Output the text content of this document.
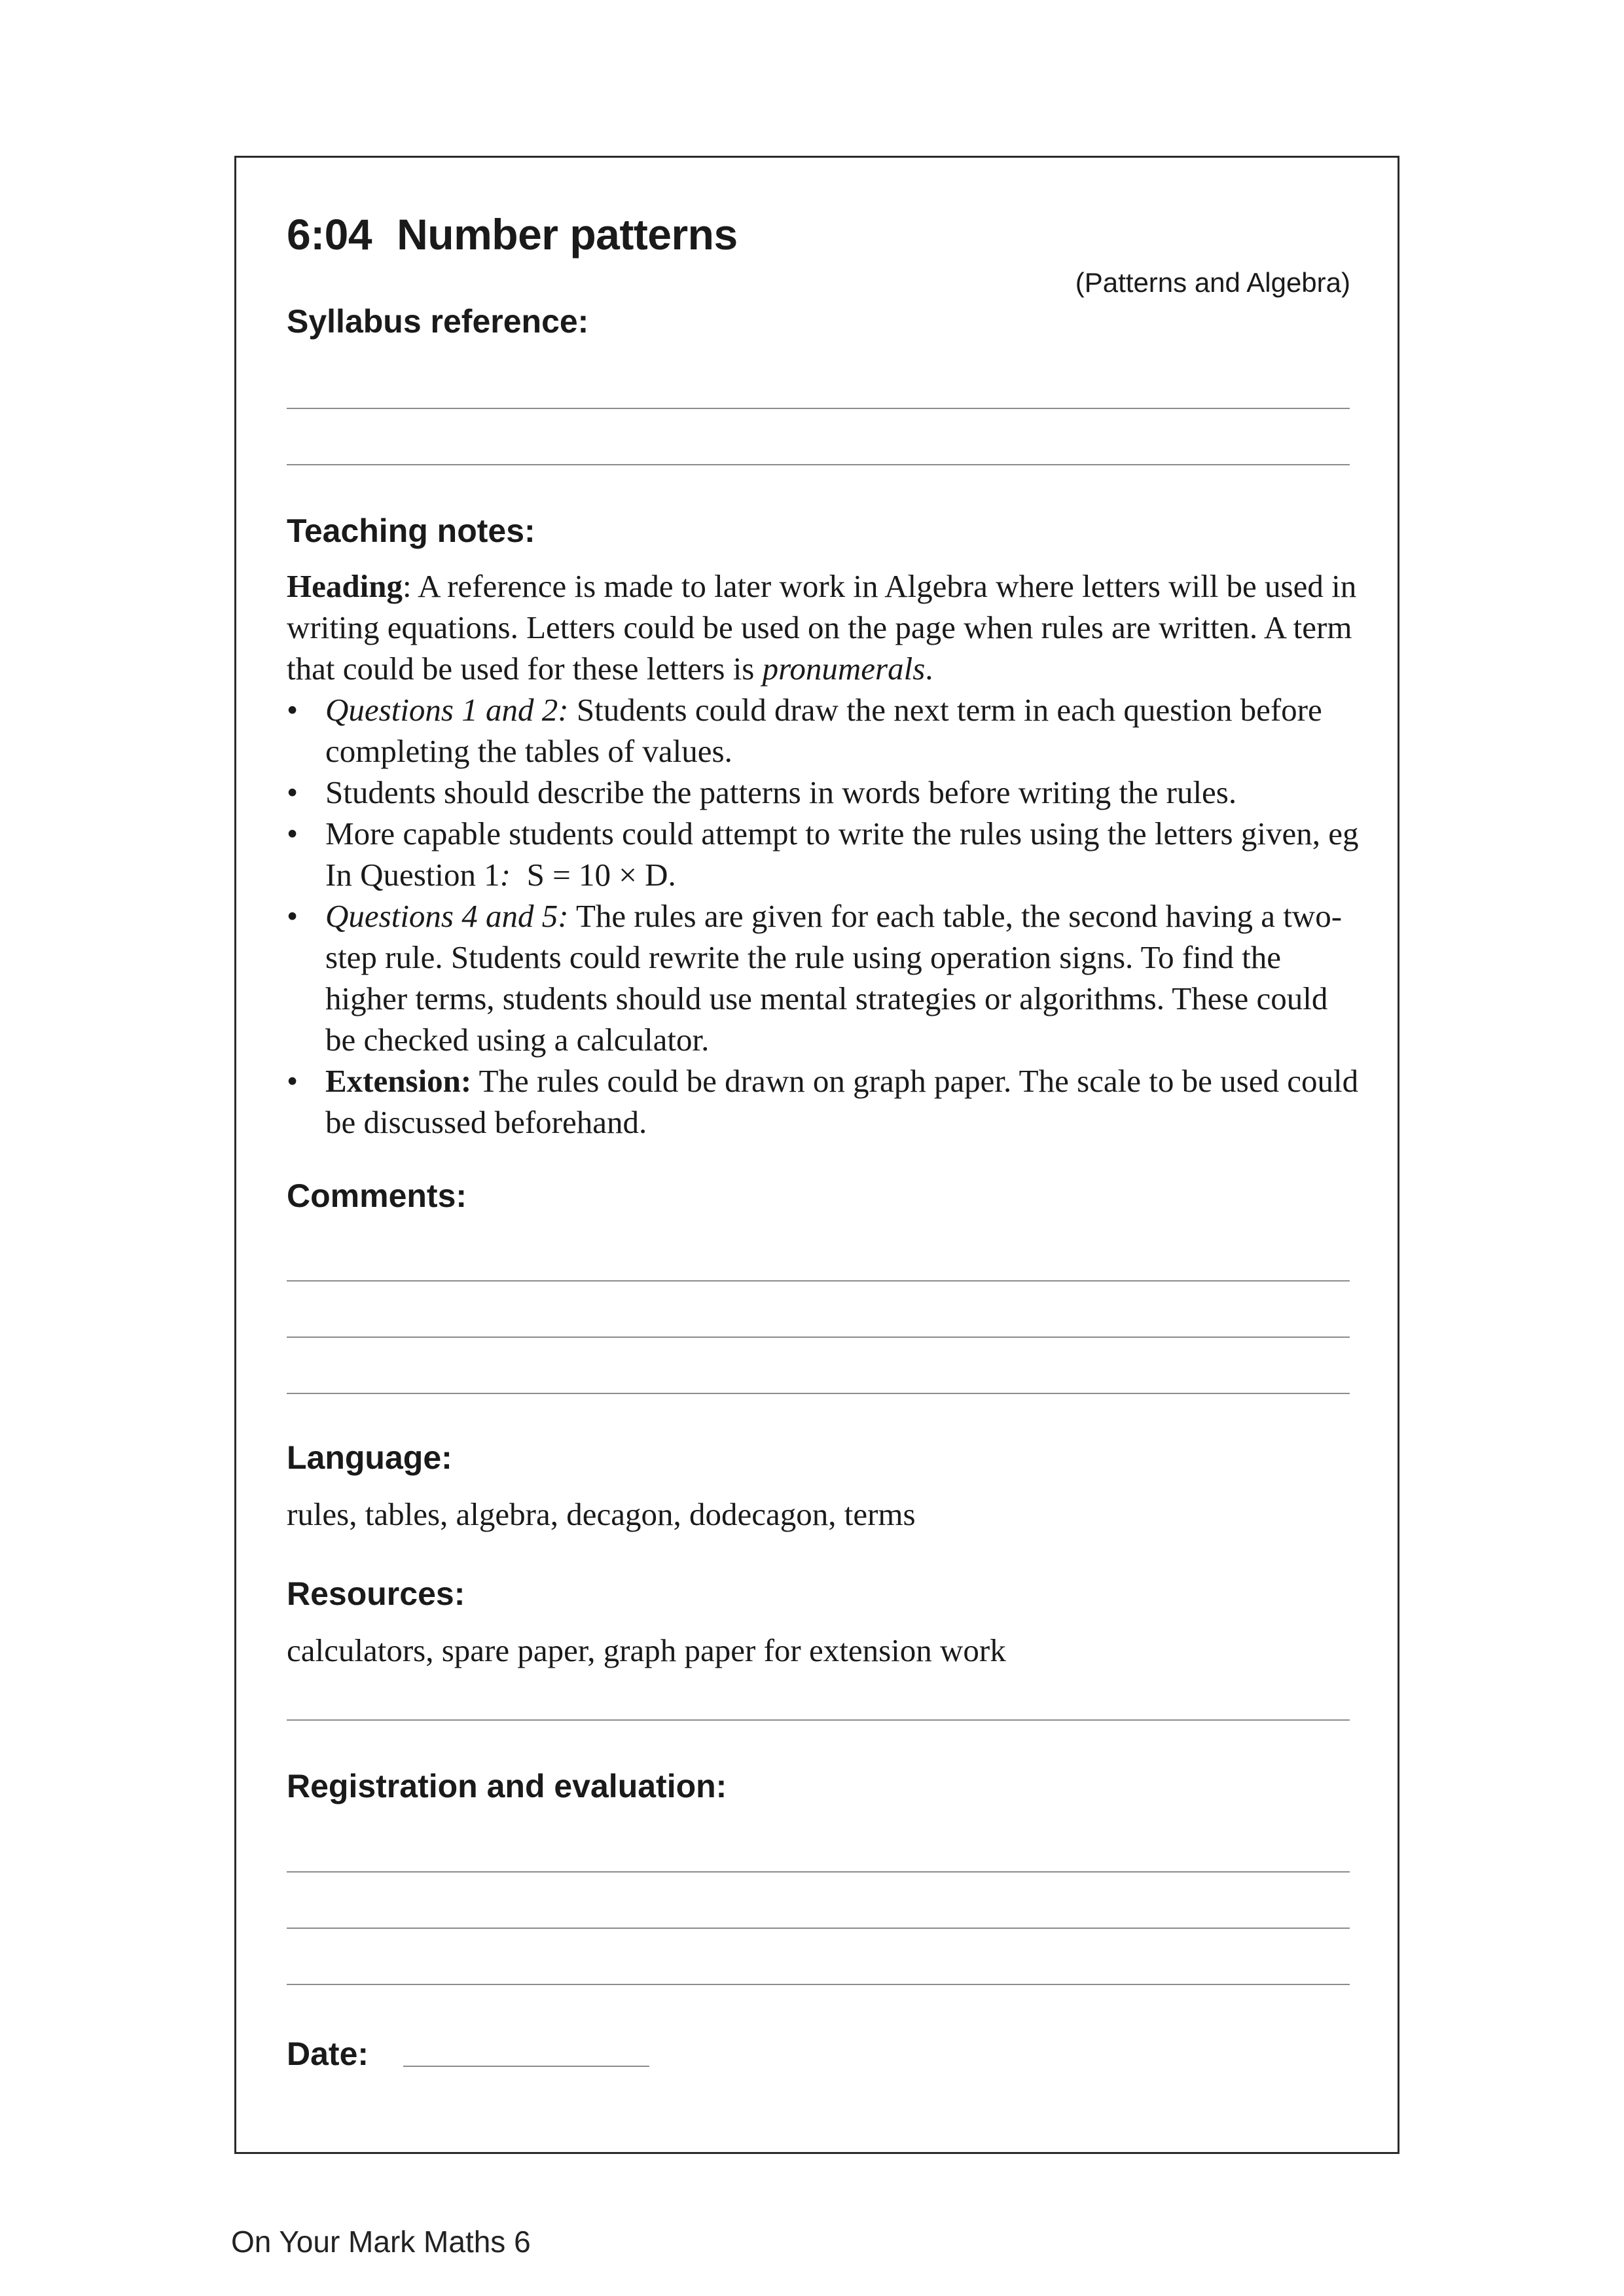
6:04 Number patterns
(Patterns and Algebra)
Syllabus reference:
Teaching notes:

Heading: A reference is made to later work in Algebra where letters will be used in writing equations. Letters could be used on the page when rules are written. A term that could be used for these letters is pronumerals.

• Questions 1 and 2: Students could draw the next term in each question before completing the tables of values.
• Students should describe the patterns in words before writing the rules.
• More capable students could attempt to write the rules using the letters given, eg In Question 1:  S = 10 × D.
• Questions 4 and 5: The rules are given for each table, the second having a two-step rule. Students could rewrite the rule using operation signs. To find the higher terms, students should use mental strategies or algorithms. These could be checked using a calculator.
• Extension: The rules could be drawn on graph paper. The scale to be used could be discussed beforehand.
Comments:
Language:
rules, tables, algebra, decagon, dodecagon, terms
Resources:
calculators, spare paper, graph paper for extension work
Registration and evaluation:
Date:
On Your Mark Maths 6
